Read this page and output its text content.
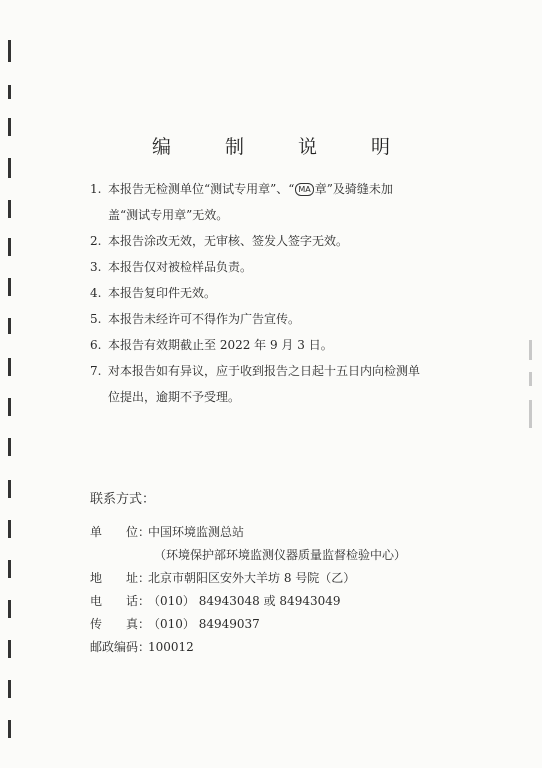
编 制 说 明
1. 本报告无检测单位“测试专用章”、“ MA 章”及骑缝未加
盖“测试专用章”无效。
2. 本报告涂改无效，无审核、签发人签字无效。
3. 本报告仅对被检样品负责。
4. 本报告复印件无效。
5. 本报告未经许可不得作为广告宣传。
6. 本报告有效期截止至 2022 年 9 月 3 日。
7. 对本报告如有异议，应于收到报告之日起十五日内向检测单
位提出，逾期不予受理。
联系方式：
单　　位：
中国环境监测总站
（环境保护部环境监测仪器质量监督检验中心）
地　　址：
北京市朝阳区安外大羊坊 8 号院（乙）
电　　话：
（010） 84943048 或 84943049
传　　真：
（010） 84949037
邮政编码：
100012
